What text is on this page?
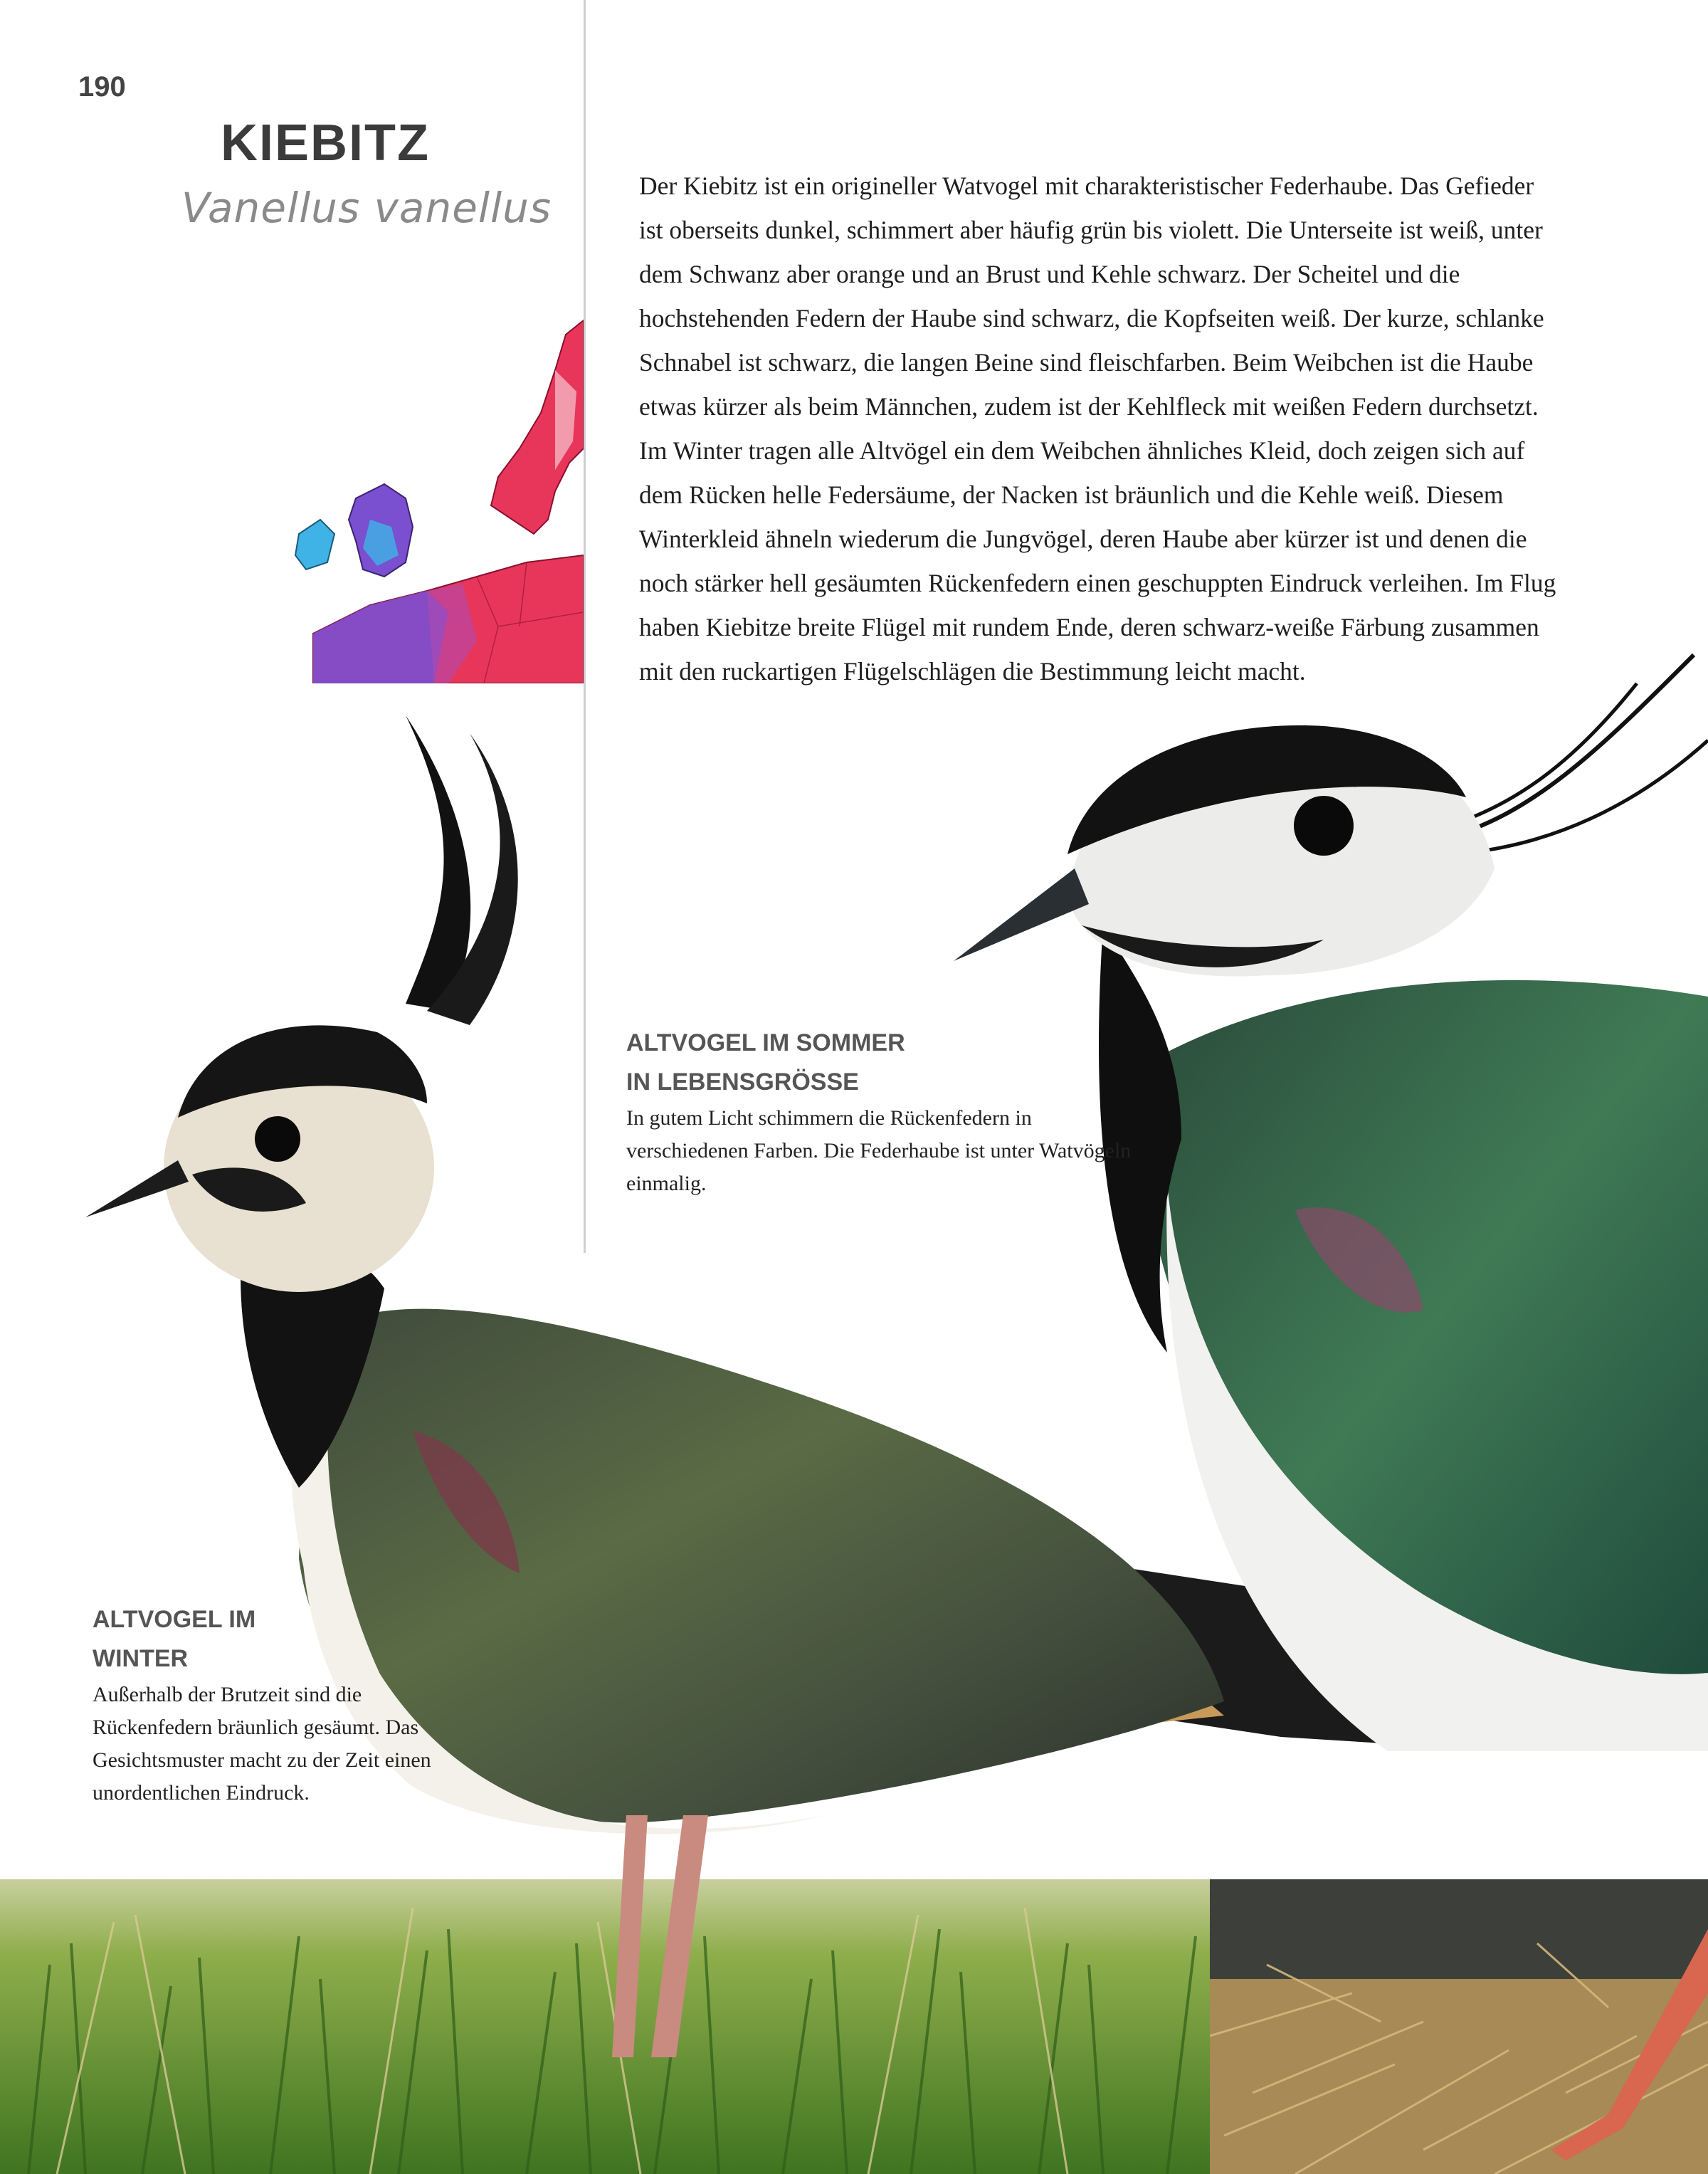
190
KIEBITZ
Vanellus vanellus	Der Kiebitz ist ein origineller Watvogel mit charakteristischer Federhaube. Das Gefieder ist oberseits dunkel, schimmert aber häufig grün bis violett. Die Unterseite ist weiß, unter dem Schwanz aber orange und an Brust und Kehle schwarz. Der Scheitel und die hochstehenden Federn der Haube sind schwarz, die Kopfseiten weiß. Der kurze, schlanke Schnabel ist schwarz, die langen Beine sind fleischfarben. Beim Weibchen ist die Haube etwas kürzer als beim Männchen, zudem ist der Kehlfleck mit weißen Federn durchsetzt. Im Winter tragen alle Altvögel ein dem Weibchen ähnliches Kleid, doch zeigen sich auf dem Rücken helle Federsäume, der Nacken ist bräunlich und die Kehle weiß. Diesem Winterkleid ähneln wiederum die Jungvögel, deren Haube aber kürzer ist und denen die noch stärker hell gesäumten Rückenfedern einen geschuppten Eindruck verleihen. Im Flug haben Kiebitze breite Flügel mit rundem Ende, deren schwarz-weiße Färbung zusammen mit den ruckartigen Flügelschlägen die Bestimmung leicht macht.

ALTVOGEL IM SOMMER
IN LEBENSGRÖSSE
In gutem Licht schimmern die Rückenfedern in verschiedenen Farben. Die Federhaube ist unter Watvögeln einmalig.
ALTVOGEL IM
WINTER
Außerhalb der Brutzeit sind die Rückenfedern bräunlich gesäumt. Das Gesichtsmuster macht zu der Zeit einen unordentlichen Eindruck.
